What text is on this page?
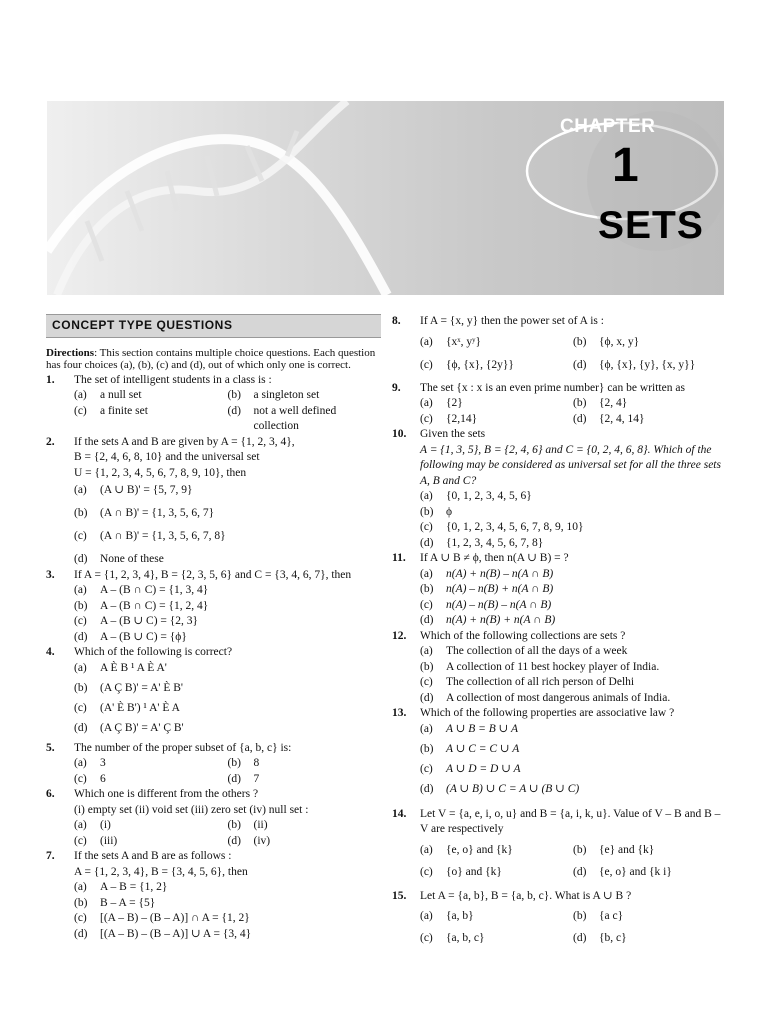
CHAPTER
1
SETS
CONCEPT TYPE QUESTIONS
Directions: This section contains multiple choice questions. Each question has four choices (a), (b), (c) and (d), out of which only one is correct.
1. The set of intelligent students in a class is :
(a)	a null set	(b)	a singleton set
(c)	a finite set	(d)	not a well defined collection
2. If the sets A and B are given by A = {1, 2, 3, 4},
B = {2, 4, 6, 8, 10} and the universal set
U = {1, 2, 3, 4, 5, 6, 7, 8, 9, 10}, then
(a)	(A ∪ B)' = {5, 7, 9}
(b)	(A ∩ B)' = {1, 3, 5, 6, 7}
(c)	(A ∩ B)' = {1, 3, 5, 6, 7, 8}
(d)	None of these
3. If A = {1, 2, 3, 4}, B = {2, 3, 5, 6} and C = {3, 4, 6, 7}, then
(a)	A – (B ∩ C) = {1, 3, 4}
(b)	A – (B ∩ C) = {1, 2, 4}
(c)	A – (B ∪ C) = {2, 3}
(d)	A – (B ∪ C) = {ϕ}
4. Which of the following is correct?
(a)	A È B ¹ A È A'
(b)	(A Ç B)' = A' È B'
(c)	(A' È B') ¹ A' È A
(d)	(A Ç B)' = A' Ç B'
5. The number of the proper subset of {a, b, c} is:
(a)	3	(b)	8
(c)	6	(d)	7
6. Which one is different from the others ?
(i) empty set (ii) void set (iii) zero set (iv) null set :
(a)	(i)	(b)	(ii)
(c)	(iii)	(d)	(iv)
7. If the sets A and B are as follows :
A = {1, 2, 3, 4}, B = {3, 4, 5, 6}, then
(a)	A – B = {1, 2}
(b)	B – A = {5}
(c)	[(A – B) – (B – A)] ∩ A = {1, 2}
(d)	[(A – B) – (B – A)] ∪ A = {3, 4}
8. If A = {x, y} then the power set of A is :
(a)	{xˣ, yʸ}	(b)	{ϕ, x, y}
(c)	{ϕ, {x}, {2y}}	(d)	{ϕ, {x}, {y}, {x, y}}
9. The set {x : x is an even prime number} can be written as
(a)	{2}	(b)	{2, 4}
(c)	{2,14}	(d)	{2, 4, 14}
10. Given the sets
A = {1, 3, 5}, B = {2, 4, 6} and C = {0, 2, 4, 6, 8}. Which of the following may be considered as universal set for all the three sets A, B and C?
(a)	{0, 1, 2, 3, 4, 5, 6}
(b)	ϕ
(c)	{0, 1, 2, 3, 4, 5, 6, 7, 8, 9, 10}
(d)	{1, 2, 3, 4, 5, 6, 7, 8}
11. If A ∪ B ≠ ϕ, then n(A ∪ B) = ?
(a)	n(A) + n(B) – n(A ∩ B)
(b)	n(A) – n(B) + n(A ∩ B)
(c)	n(A) – n(B) – n(A ∩ B)
(d)	n(A) + n(B) + n(A ∩ B)
12. Which of the following collections are sets ?
(a)	The collection of all the days of a week
(b)	A collection of 11 best hockey player of India.
(c)	The collection of all rich person of Delhi
(d)	A collection of most dangerous animals of India.
13. Which of the following properties are associative law ?
(a)	A ∪ B = B ∪ A
(b)	A ∪ C = C ∪ A
(c)	A ∪ D = D ∪ A
(d)	(A ∪ B) ∪ C = A ∪ (B ∪ C)
14. Let V = {a, e, i, o, u} and B = {a, i, k, u}. Value of V – B and B – V are respectively
(a)	{e, o} and {k}	(b)	{e} and {k}
(c)	{o} and {k}	(d)	{e, o} and {k i}
15. Let A = {a, b}, B = {a, b, c}. What is A ∪ B ?
(a)	{a, b}	(b)	{a c}
(c)	{a, b, c}	(d)	{b, c}
